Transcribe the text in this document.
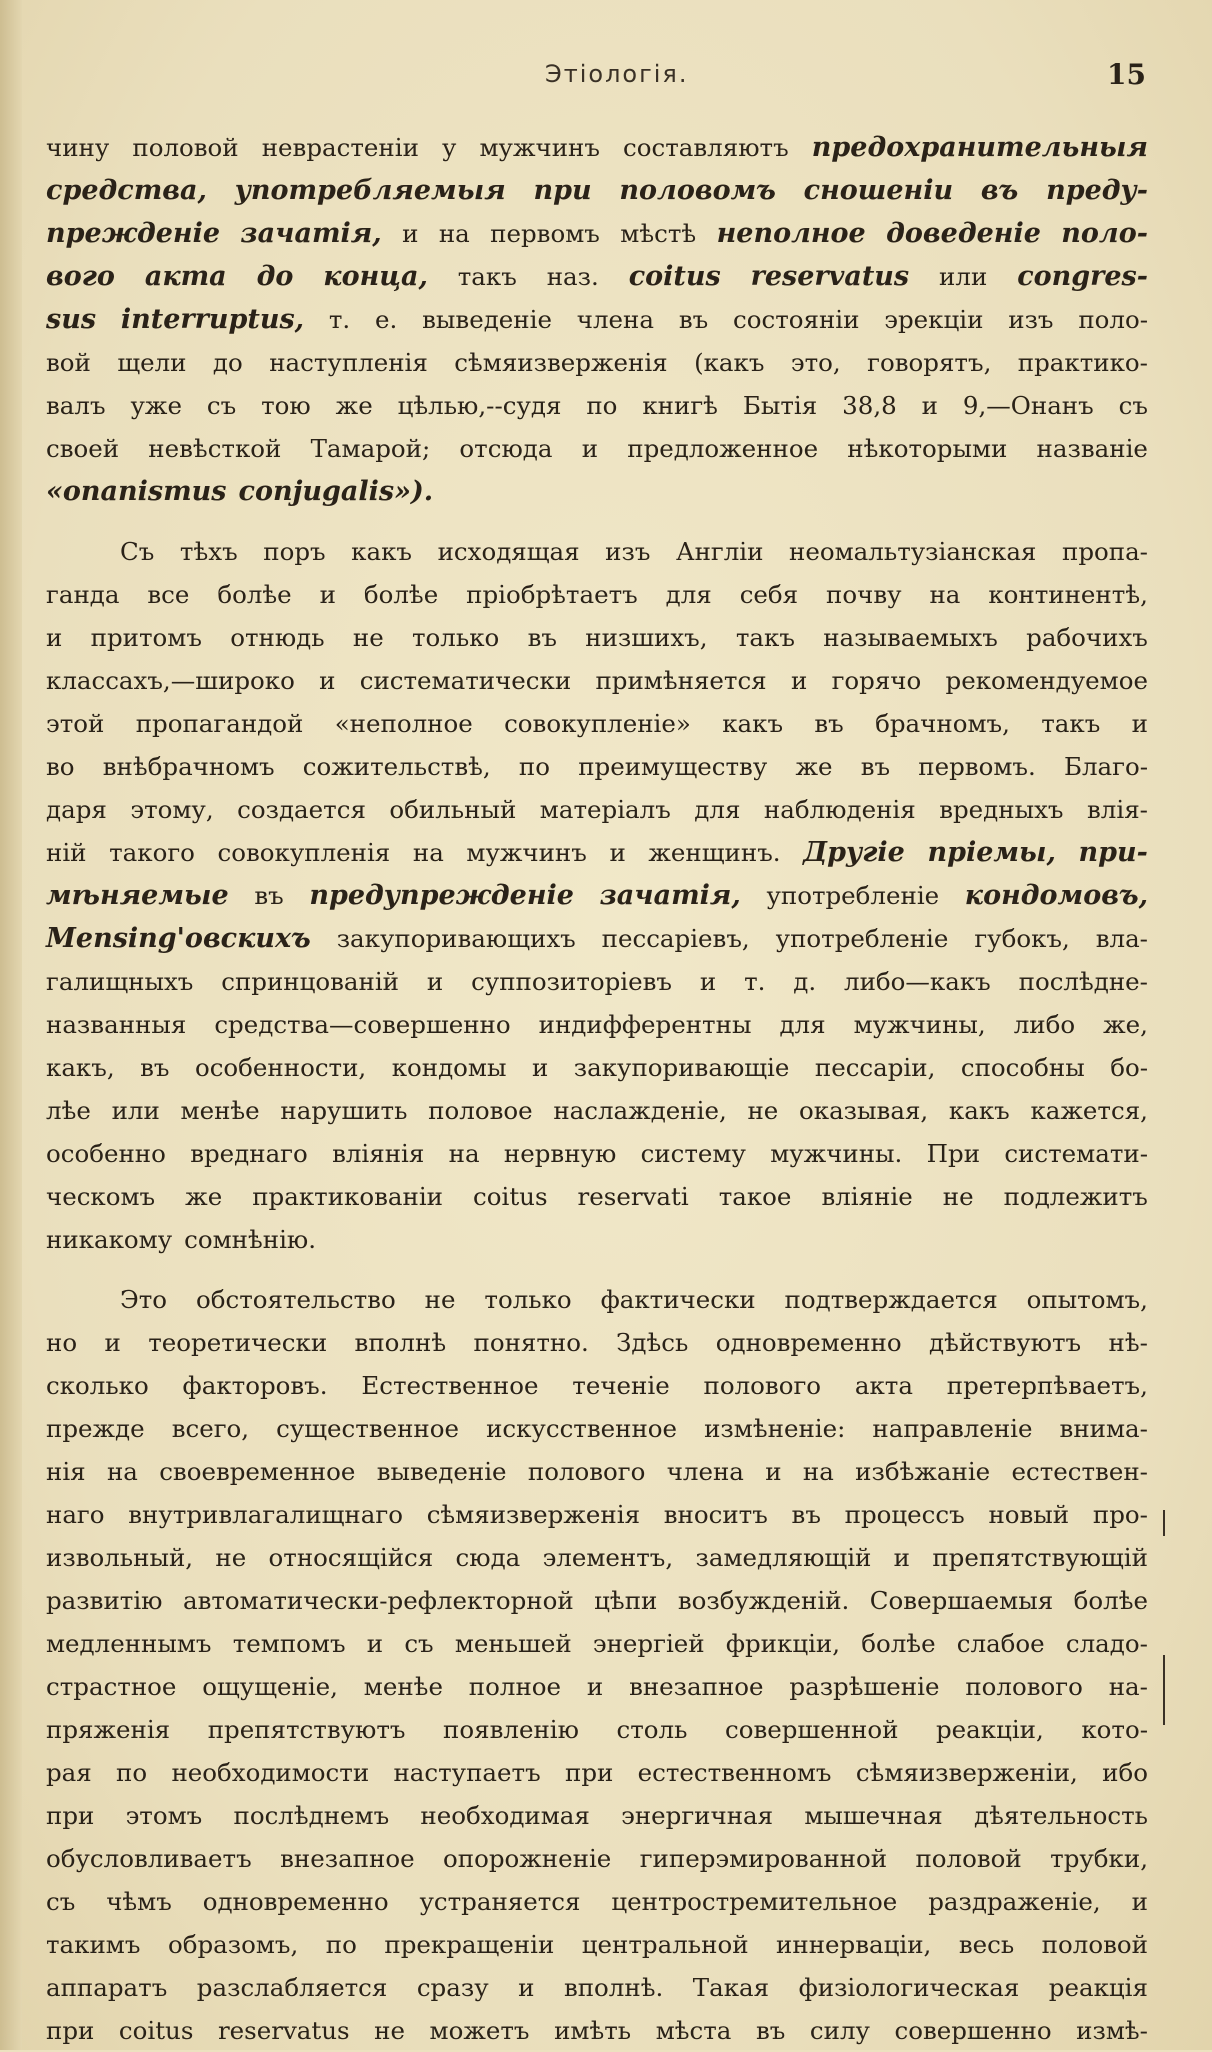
Этіологія.	15
чину половой неврастеніи у мужчинъ составляютъ предохранительныя
средства, употребляемыя при половомъ сношеніи въ преду-
прежденіе зачатія, и на первомъ мѣстѣ неполное доведеніе поло-
вого акта до конца, такъ наз. coitus reservatus или congres-
sus interruptus, т. е. выведеніе члена въ состояніи эрекціи изъ поло-
вой щели до наступленія сѣмяизверженія (какъ это, говорятъ, практико-
валъ уже съ тою же цѣлью,--судя по книгѣ Бытія 38,8 и 9,—Онанъ съ
своей невѣсткой Тамарой; отсюда и предложенное нѣкоторыми названіе
«onanismus conjugalis»).
Съ тѣхъ поръ какъ исходящая изъ Англіи неомальтузіанская пропа-
ганда все болѣе и болѣе пріобрѣтаетъ для себя почву на континентѣ,
и притомъ отнюдь не только въ низшихъ, такъ называемыхъ рабочихъ
классахъ,—широко и систематически примѣняется и горячо рекомендуемое
этой пропагандой «неполное совокупленіе» какъ въ брачномъ, такъ и
во внѣбрачномъ сожительствѣ, по преимуществу же въ первомъ. Благо-
даря этому, создается обильный матеріалъ для наблюденія вредныхъ влія-
ній такого совокупленія на мужчинъ и женщинъ. Другіе пріемы, при-
мѣняемые въ предупрежденіе зачатія, употребленіе кондомовъ,
Mensing'овскихъ закупоривающихъ пессаріевъ, употребленіе губокъ, вла-
галищныхъ спринцованій и суппозиторіевъ и т. д. либо—какъ послѣдне-
названныя средства—совершенно индифферентны для мужчины, либо же,
какъ, въ особенности, кондомы и закупоривающіе пессаріи, способны бо-
лѣе или менѣе нарушить половое наслажденіе, не оказывая, какъ кажется,
особенно вреднаго вліянія на нервную систему мужчины. При системати-
ческомъ же практикованіи coitus reservati такое вліяніе не подлежитъ
никакому сомнѣнію.
Это обстоятельство не только фактически подтверждается опытомъ,
но и теоретически вполнѣ понятно. Здѣсь одновременно дѣйствуютъ нѣ-
сколько факторовъ. Естественное теченіе полового акта претерпѣваетъ,
прежде всего, существенное искусственное измѣненіе: направленіе внима-
нія на своевременное выведеніе полового члена и на избѣжаніе естествен-
наго внутривлагалищнаго сѣмяизверженія вноситъ въ процессъ новый про-
извольный, не относящійся сюда элементъ, замедляющій и препятствующій
развитію автоматически-рефлекторной цѣпи возбужденій. Совершаемыя болѣе
медленнымъ темпомъ и съ меньшей энергіей фрикціи, болѣе слабое сладо-
страстное ощущеніе, менѣе полное и внезапное разрѣшеніе полового на-
пряженія препятствуютъ появленію столь совершенной реакціи, кото-
рая по необходимости наступаетъ при естественномъ сѣмяизверженіи, ибо
при этомъ послѣднемъ необходимая энергичная мышечная дѣятельность
обусловливаетъ внезапное опорожненіе гиперэмированной половой трубки,
съ чѣмъ одновременно устраняется центростремительное раздраженіе, и
такимъ образомъ, по прекращеніи центральной иннерваціи, весь половой
аппаратъ разслабляется сразу и вполнѣ. Такая физіологическая реакція
при coitus reservatus не можетъ имѣть мѣста въ силу совершенно измѣ-
